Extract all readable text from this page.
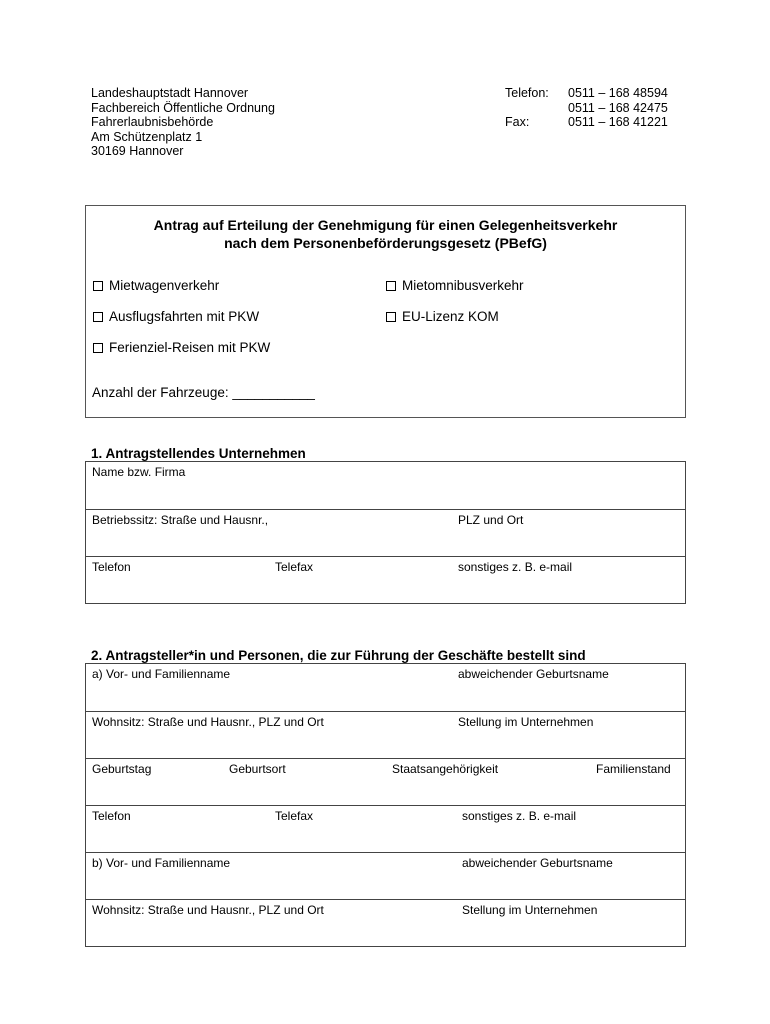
Landeshauptstadt Hannover
Fachbereich Öffentliche Ordnung
Fahrerlaubnisbehörde
Am Schützenplatz 1
30169 Hannover
Telefon: 0511 – 168 48594
0511 – 168 42475
Fax:	0511 – 168 41221
Antrag auf Erteilung der Genehmigung für einen Gelegenheitsverkehr
nach dem Personenbeförderungsgesetz (PBefG)
Mietwagenverkehr	Mietomnibusverkehr
Ausflugsfahrten mit PKW	EU-Lizenz KOM
Ferienziel-Reisen mit PKW
Anzahl der Fahrzeuge: ___________
1. Antragstellendes Unternehmen
Name bzw. Firma
Betriebssitz: Straße und Hausnr.,	PLZ und Ort
Telefon	Telefax	sonstiges z. B. e-mail
2. Antragsteller*in und Personen, die zur Führung der Geschäfte bestellt sind
a) Vor- und Familienname	abweichender Geburtsname
Wohnsitz: Straße und Hausnr., PLZ und Ort	Stellung im Unternehmen
Geburtstag	Geburtsort	Staatsangehörigkeit	Familienstand
Telefon	Telefax	sonstiges z. B. e-mail
b) Vor- und Familienname	abweichender Geburtsname
Wohnsitz: Straße und Hausnr., PLZ und Ort	Stellung im Unternehmen
